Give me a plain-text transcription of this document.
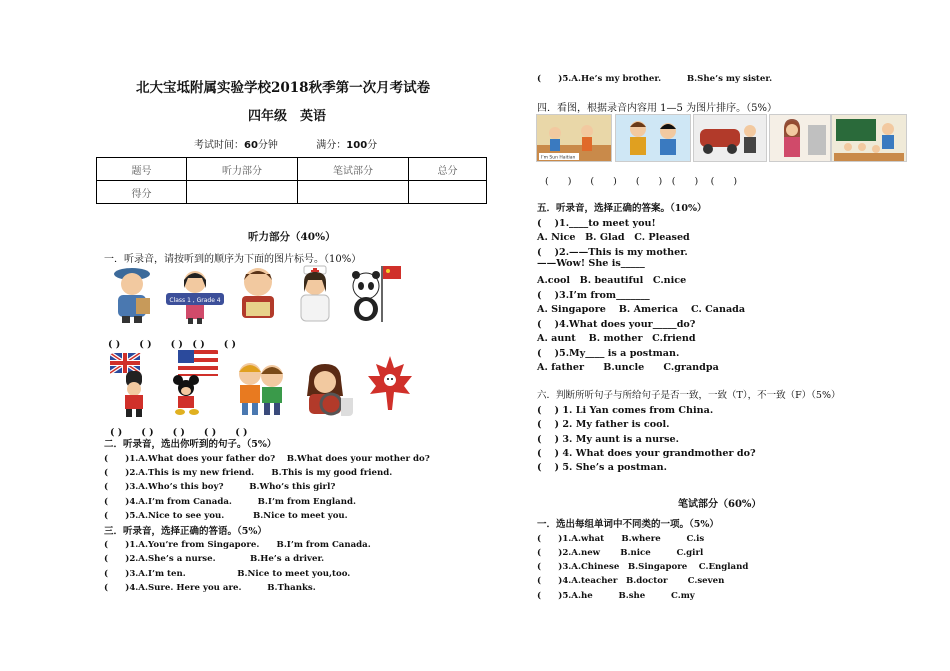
北大宝坻附属实验学校2018秋季第一次月考试卷
四年级　英语
考试时间：60分钟	满分：100分
题号	听力部分	笔试部分	总分
得分			
听力部分（40%）
一．听录音，请按听到的顺序为下面的图片标号。（10%）
Class 1 , Grade 4
( )　　( )　　( )　( )　　( )
( )　　( )　　( )　　( )　　( )
二．听录音，选出你听到的句子。（5%）
(　　)1.A.What does your father do?　 B.What does your mother do?
(　　)2.A.This is my new friend.　　B.This is my good friend.
(　　)3.A.Who’s this boy?　　　B.Who’s this girl?
(　　)4.A.I’m from Canada.　　　B.I’m from England.
(　　)5.A.Nice to see you.　　　 B.Nice to meet you.
三．听录音，选择正确的答语。（5%）
(　　)1.A.You’re from Singapore.　　B.I’m from Canada.
(　　)2.A.She’s a nurse.　　　　B.He’s a driver.
(　　)3.A.I’m ten.　　　　　　B.Nice to meet you,too.
(　　)4.A.Sure. Here you are.　　　B.Thanks.
(　　)5.A.He’s my brother.　　　B.She’s my sister.
四．看图，根据录音内容用 1—5 为图片排序。（5%）
I'm Sun Haitian
(　　)　　(　　)　　(　　)　(　　)　 (　　)
五．听录音，选择正确的答案。（10%）
(　 )1.____to meet you!
A. Nice　B. Glad　C. Pleased
(　 )2.——This is my mother.
——Wow! She is_____
A.cool　B. beautiful　C.nice
(　 )3.I’m from_______
A. Singapore　 B. America　 C. Canada
(　 )4.What does your_____do?
A. aunt　 B. mother　C.friend
(　 )5.My____ is a postman.
A. father　　B.uncle　　C.grandpa
六．判断所听句子与所给句子是否一致，一致（T），不一致（F）（5%）
(　 ) 1. Li Yan comes from China.
(　 ) 2. My father is cool.
(　 ) 3. My aunt is a nurse.
(　 ) 4. What does your grandmother do?
(　 ) 5. She’s a postman.
笔试部分（60%）
一．选出每组单词中不同类的一项。（5%）
(　　)1.A.what　　B.where　　　C.is
(　　)2.A.new　　 B.nice　　　C.girl
(　　)3.A.Chinese　B.Singapore　 C.England
(　　)4.A.teacher　B.doctor　　 C.seven
(　　)5.A.he　　　B.she　　　C.my
